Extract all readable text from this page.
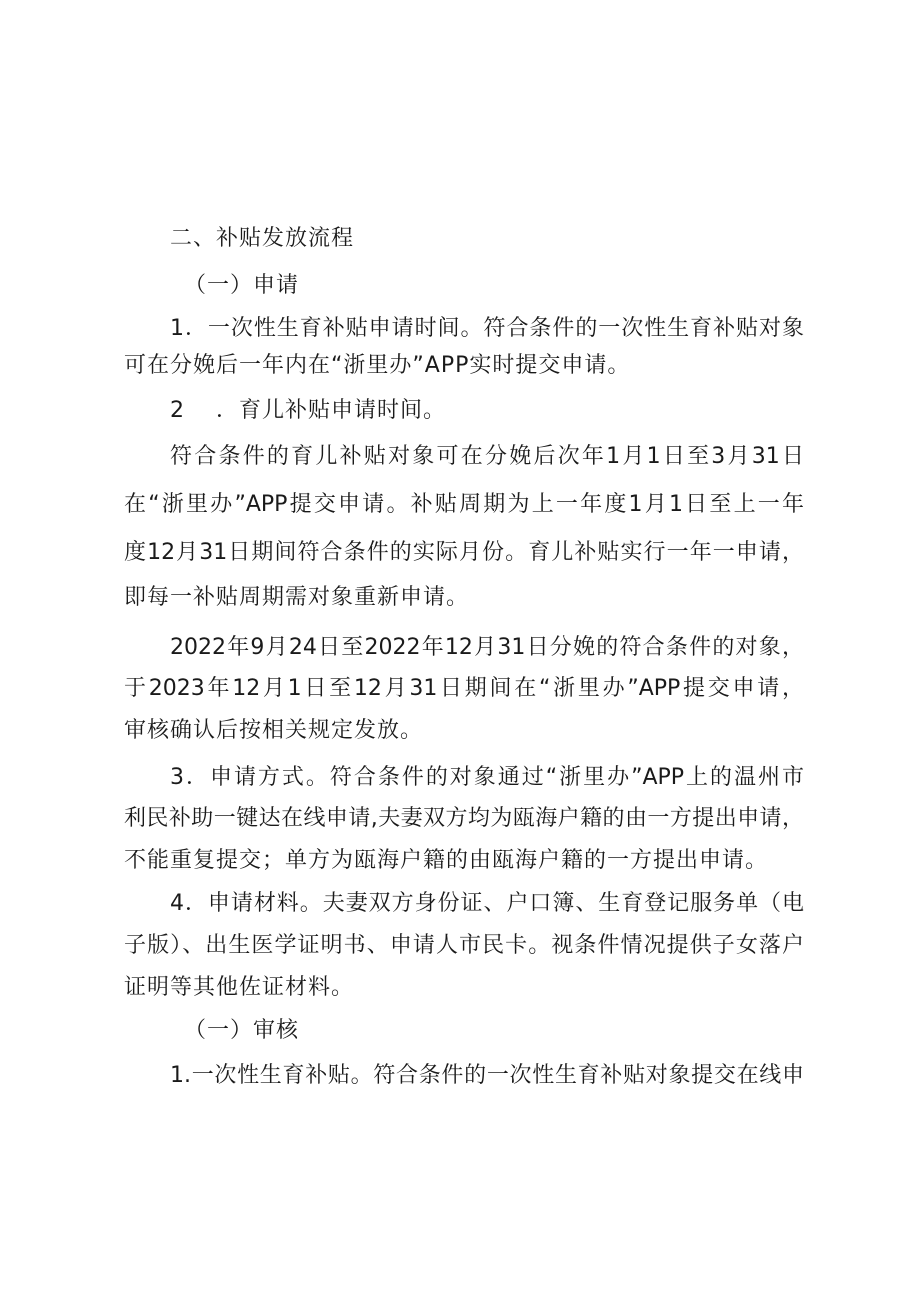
二、补贴发放流程
（一）申请
1．一次性生育补贴申请时间。符合条件的一次性生育补贴对象
可在分娩后一年内在“浙里办”APP实时提交申请。
2　 ．育儿补贴申请时间。
符合条件的育儿补贴对象可在分娩后次年1月1日至3月31日
在“浙里办”APP提交申请。补贴周期为上一年度1月1日至上一年
度12月31日期间符合条件的实际月份。育儿补贴实行一年一申请，
即每一补贴周期需对象重新申请。
2022年9月24日至2022年12月31日分娩的符合条件的对象，
于2023年12月1日至12月31日期间在“浙里办”APP提交申请，
审核确认后按相关规定发放。
3．申请方式。符合条件的对象通过“浙里办”APP上的温州市
利民补助一键达在线申请,夫妻双方均为瓯海户籍的由一方提出申请，
不能重复提交；单方为瓯海户籍的由瓯海户籍的一方提出申请。
4．申请材料。夫妻双方身份证、户口簿、生育登记服务单（电
子版）、出生医学证明书、申请人市民卡。视条件情况提供子女落户
证明等其他佐证材料。
（一）审核
1.一次性生育补贴。符合条件的一次性生育补贴对象提交在线申
